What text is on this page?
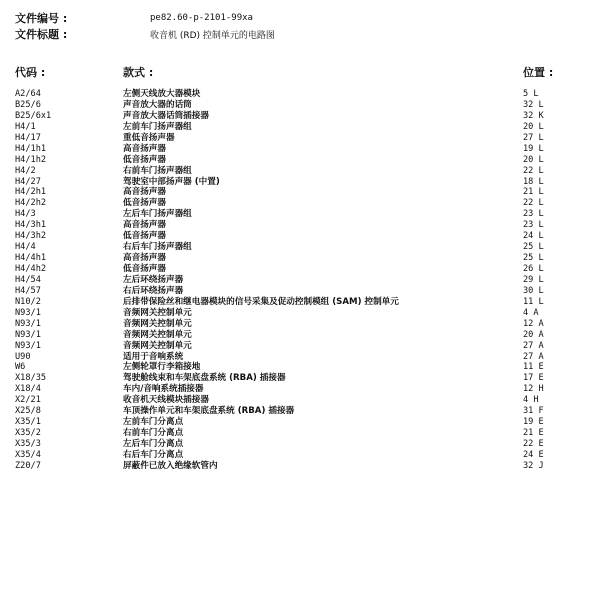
文件编号 :	pe82.60-p-2101-99xa
文件标题 :	收音机 (RD) 控制单元的电路图
代码 :	款式 :	位置 :
A2/64	左侧天线放大器模块	5 L
B25/6	声音放大器的话筒	32 L
B25/6x1	声音放大器话筒插接器	32 K
H4/1	左前车门扬声器组	20 L
H4/17	重低音扬声器	27 L
H4/1h1	高音扬声器	19 L
H4/1h2	低音扬声器	20 L
H4/2	右前车门扬声器组	22 L
H4/27	驾驶室中部扬声器 (中置)	18 L
H4/2h1	高音扬声器	21 L
H4/2h2	低音扬声器	22 L
H4/3	左后车门扬声器组	23 L
H4/3h1	高音扬声器	23 L
H4/3h2	低音扬声器	24 L
H4/4	右后车门扬声器组	25 L
H4/4h1	高音扬声器	25 L
H4/4h2	低音扬声器	26 L
H4/54	左后环绕扬声器	29 L
H4/57	右后环绕扬声器	30 L
N10/2	后排带保险丝和继电器模块的信号采集及促动控制模组 (SAM) 控制单元	11 L
N93/1	音频网关控制单元	4 A
N93/1	音频网关控制单元	12 A
N93/1	音频网关控制单元	20 A
N93/1	音频网关控制单元	27 A
U90	适用于音响系统	27 A
W6	左侧轮罩行李箱接地	11 E
X18/35	驾驶舱线束和车架底盘系统 (RBA) 插接器	17 E
X18/4	车内/音响系统插接器	12 H
X2/21	收音机天线模块插接器	4 H
X25/8	车顶操作单元和车架底盘系统 (RBA) 插接器	31 F
X35/1	左前车门分离点	19 E
X35/2	右前车门分离点	21 E
X35/3	左后车门分离点	22 E
X35/4	右后车门分离点	24 E
Z20/7	屏蔽件已放入绝缘软管内	32 J
